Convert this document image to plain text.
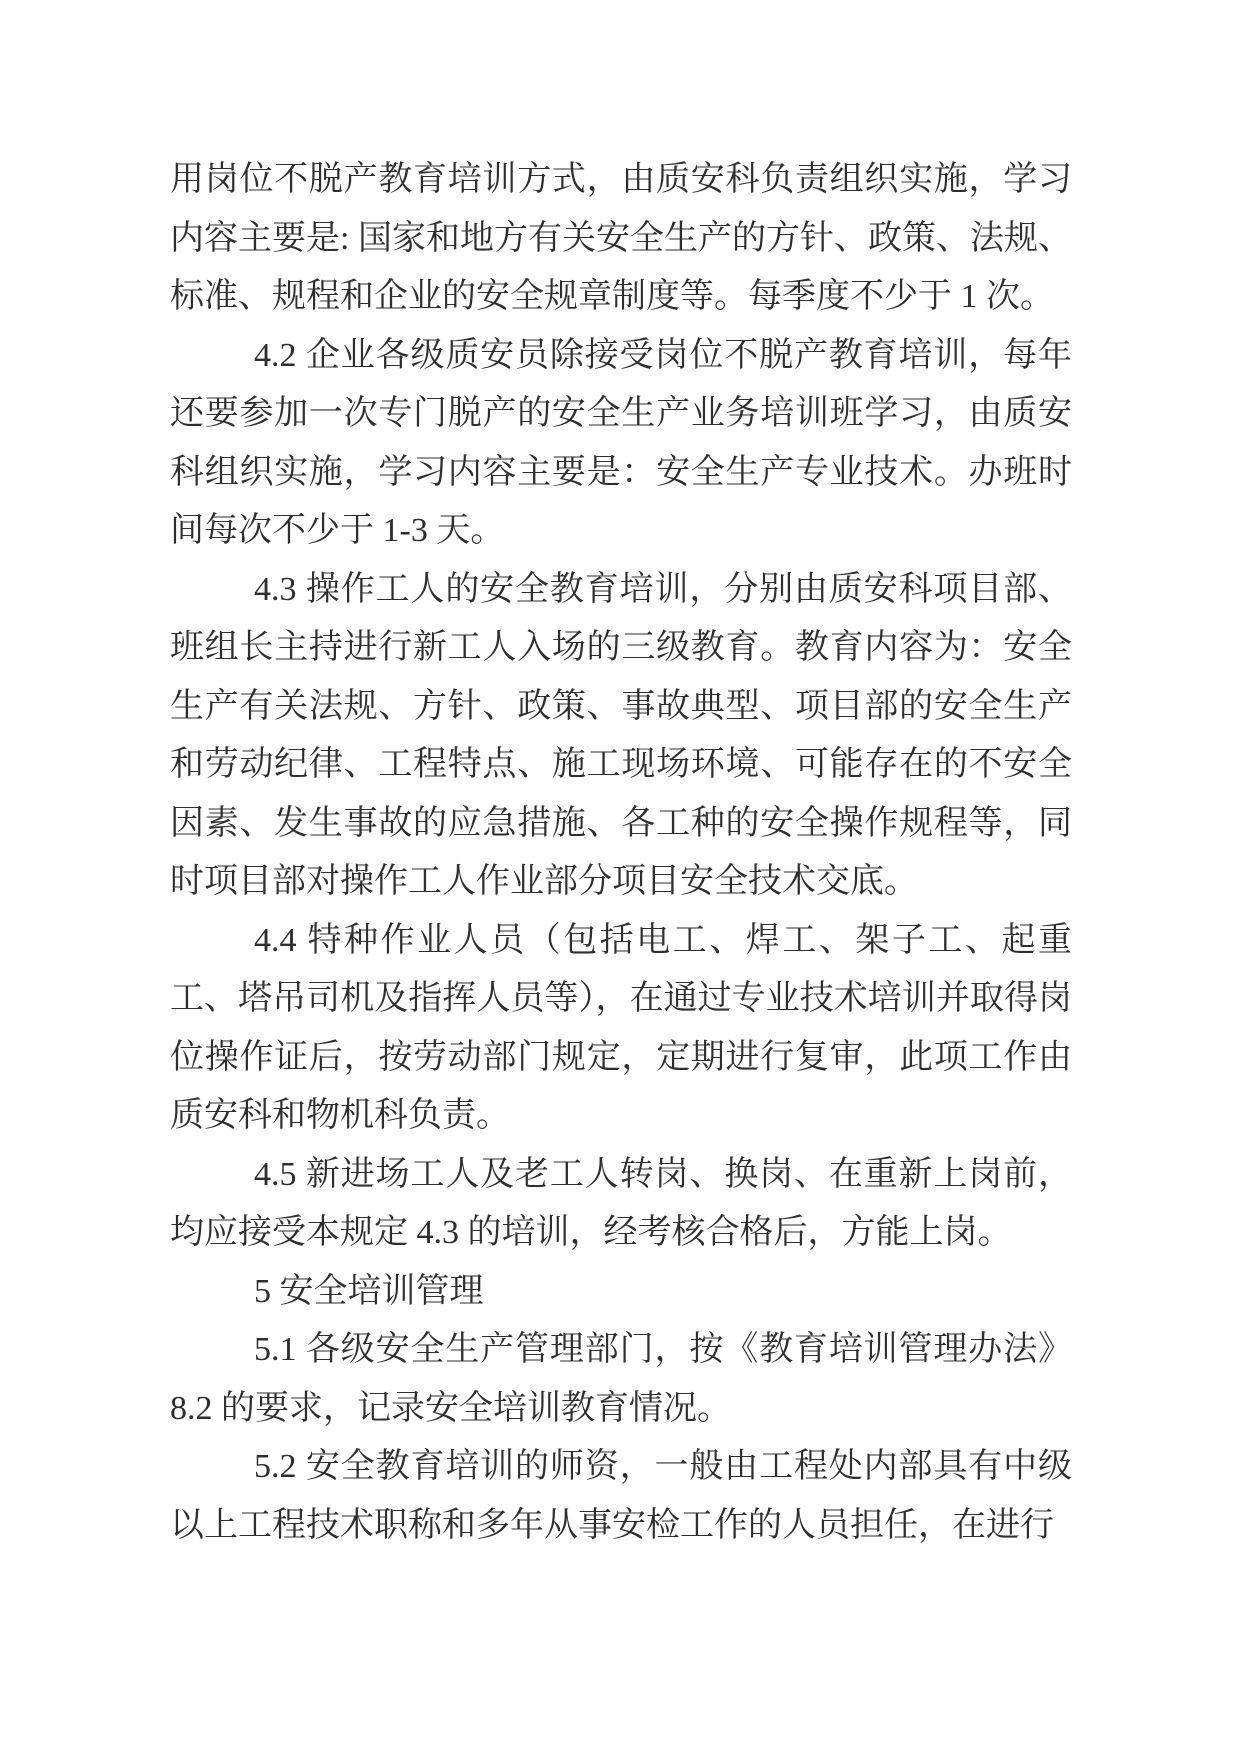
用岗位不脱产教育培训方式，由质安科负责组织实施，学习内容主要是: 国家和地方有关安全生产的方针、政策、法规、标准、规程和企业的安全规章制度等。每季度不少于 1 次。

4.2 企业各级质安员除接受岗位不脱产教育培训，每年还要参加一次专门脱产的安全生产业务培训班学习，由质安科组织实施，学习内容主要是：安全生产专业技术。办班时间每次不少于 1-3 天。

4.3 操作工人的安全教育培训，分别由质安科项目部、班组长主持进行新工人入场的三级教育。教育内容为：安全生产有关法规、方针、政策、事故典型、项目部的安全生产和劳动纪律、工程特点、施工现场环境、可能存在的不安全因素、发生事故的应急措施、各工种的安全操作规程等，同时项目部对操作工人作业部分项目安全技术交底。

4.4 特种作业人员（包括电工、焊工、架子工、起重工、塔吊司机及指挥人员等），在通过专业技术培训并取得岗位操作证后，按劳动部门规定，定期进行复审，此项工作由质安科和物机科负责。

4.5 新进场工人及老工人转岗、换岗、在重新上岗前，均应接受本规定 4.3 的培训，经考核合格后，方能上岗。

5 安全培训管理

5.1 各级安全生产管理部门，按《教育培训管理办法》8.2 的要求，记录安全培训教育情况。

5.2 安全教育培训的师资，一般由工程处内部具有中级以上工程技术职称和多年从事安检工作的人员担任，在进行
